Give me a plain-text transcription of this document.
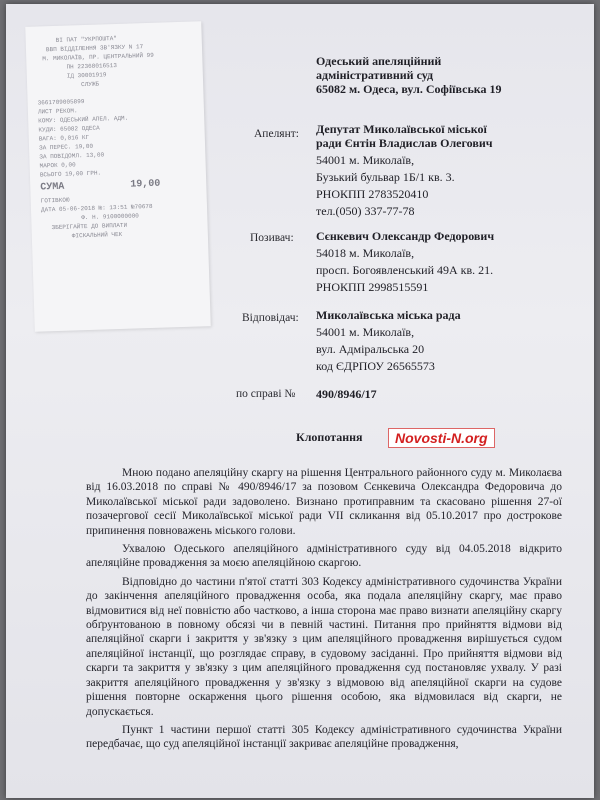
ВІ ПАТ "УКРПОШТА"
ВВП ВІДДІЛЕННЯ ЗВ'ЯЗКУ N 17
М. МИКОЛАЇВ, ПР. ЦЕНТРАЛЬНИЙ 99
ПН 22368016513
ІД 30001919
СЛУЖБ
3661709005899
ЛИСТ РЕКОМ.
КОМУ: ОДЕСЬКИЙ АПЕЛ. АДМ.
КУДИ: 65082 ОДЕСА
ВАГА: 0,016 КГ
ЗА ПЕРЕС. 19,00
ЗА ПОВІДОМЛ. 13,00
МАРОК 0,00
ВСЬОГО 19,00 ГРН.
СУМА	19,00
ГОТІВКОЮ
ДАТА 05-06-2018 №: 13:51 №70678
Ф. Н. 9100000000
ЗБЕРІГАЙТЕ ДО ВИПЛАТИ
ФІСКАЛЬНИЙ ЧЕК
Одеський апеляційний
адміністративний суд
65082 м. Одеса, вул. Софіївська 19
Апелянт: Депутат Миколаївської міської
ради Єнтін Владислав Олегович
54001 м. Миколаїв,
Бузький бульвар 1Б/1 кв. 3.
РНОКПП 2783520410
тел.(050) 337-77-78
Позивач: Сєнкевич Олександр Федорович
54018 м. Миколаїв,
просп. Богоявленський 49А кв. 21.
РНОКПП 2998515591
Відповідач: Миколаївська міська рада
54001 м. Миколаїв,
вул. Адміральська 20
код ЄДРПОУ 26565573
по справі № 490/8946/17
Клопотання	Novosti-N.org

Мною подано апеляційну скаргу на рішення Центрального районного суду м. Миколаєва від 16.03.2018 по справі № 490/8946/17 за позовом Сєнкевича Олександра Федоровича до Миколаївської міської ради задоволено. Визнано протиправним та скасовано рішення 27-ої позачергової сесії Миколаївської міської ради VII скликання від 05.10.2017 про дострокове припинення повноважень міського голови.

Ухвалою Одеського апеляційного адміністративного суду від 04.05.2018 відкрито апеляційне провадження за моєю апеляційною скаргою.

Відповідно до частини п'ятої статті 303 Кодексу адміністративного судочинства України до закінчення апеляційного провадження особа, яка подала апеляційну скаргу, має право відмовитися від неї повністю або частково, а інша сторона має право визнати апеляційну скаргу обґрунтованою в повному обсязі чи в певній частині. Питання про прийняття відмови від апеляційної скарги і закриття у зв'язку з цим апеляційного провадження вирішується судом апеляційної інстанції, що розглядає справу, в судовому засіданні. Про прийняття відмови від скарги та закриття у зв'язку з цим апеляційного провадження суд постановляє ухвалу. У разі закриття апеляційного провадження у зв'язку з відмовою від апеляційної скарги на судове рішення повторне оскарження цього рішення особою, яка відмовилася від скарги, не допускається.

Пункт 1 частини першої статті 305 Кодексу адміністративного судочинства України передбачає, що суд апеляційної інстанції закриває апеляційне провадження,
